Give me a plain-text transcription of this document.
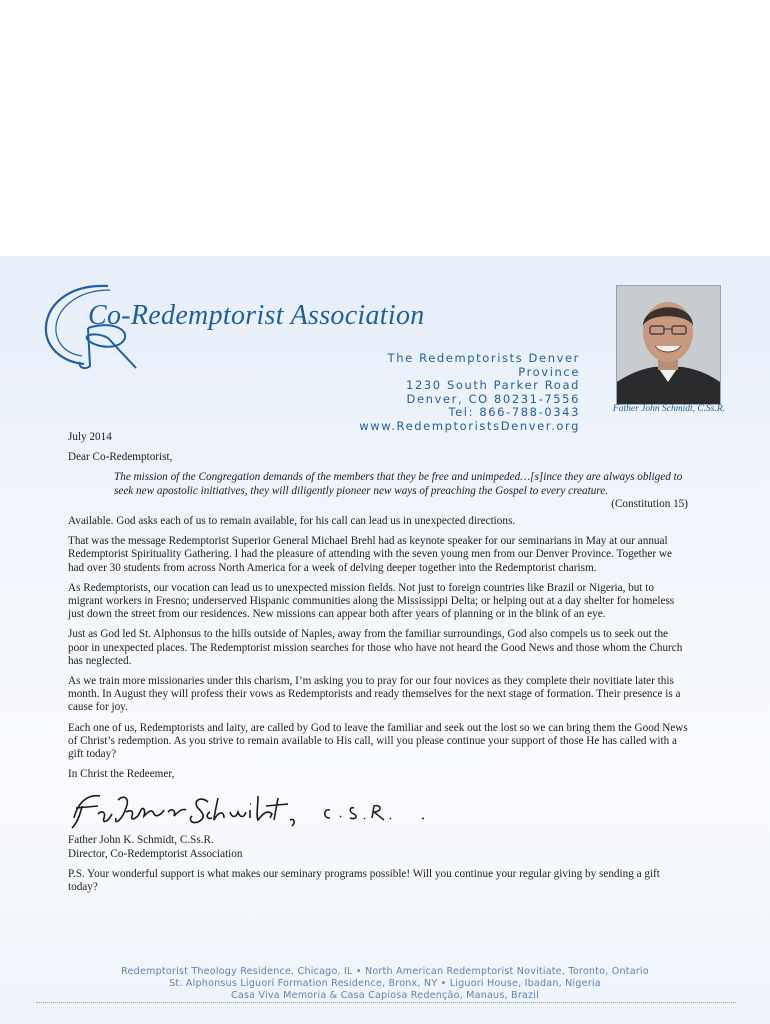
Co-Redemptorist Association
The Redemptorists Denver Province
1230 South Parker Road
Denver, CO 80231-7556
Tel: 866-788-0343
www.RedemptoristsDenver.org
Father John Schmidt, C.Ss.R.

July 2014

Dear Co-Redemptorist,

The mission of the Congregation demands of the members that they be free and unimpeded…[s]ince they are always obliged to seek new apostolic initiatives, they will diligently pioneer new ways of preaching the Gospel to every creature.

(Constitution 15)

Available. God asks each of us to remain available, for his call can lead us in unexpected directions.

That was the message Redemptorist Superior General Michael Brehl had as keynote speaker for our seminarians in May at our annual Redemptorist Spirituality Gathering. I had the pleasure of attending with the seven young men from our Denver Province. Together we had over 30 students from across North America for a week of delving deeper together into the Redemptorist charism.

As Redemptorists, our vocation can lead us to unexpected mission fields. Not just to foreign countries like Brazil or Nigeria, but to migrant workers in Fresno; underserved Hispanic communities along the Mississippi Delta; or helping out at a day shelter for homeless just down the street from our residences. New missions can appear both after years of planning or in the blink of an eye.

Just as God led St. Alphonsus to the hills outside of Naples, away from the familiar surroundings, God also compels us to seek out the poor in unexpected places. The Redemptorist mission searches for those who have not heard the Good News and those whom the Church has neglected.

As we train more missionaries under this charism, I’m asking you to pray for our four novices as they complete their novitiate later this month. In August they will profess their vows as Redemptorists and ready themselves for the next stage of formation. Their presence is a cause for joy.

Each one of us, Redemptorists and laity, are called by God to leave the familiar and seek out the lost so we can bring them the Good News of Christ’s redemption. As you strive to remain available to His call, will you please continue your support of those He has called with a gift today?

In Christ the Redeemer,

Father John K. Schmidt, C.Ss.R.

Director, Co-Redemptorist Association

P.S. Your wonderful support is what makes our seminary programs possible! Will you continue your regular giving by sending a gift today?

Redemptorist Theology Residence, Chicago, IL • North American Redemptorist Novitiate, Toronto, Ontario
St. Alphonsus Liguori Formation Residence, Bronx, NY • Liguori House, Ibadan, Nigeria
Casa Viva Memoria & Casa Capiosa Redenção, Manaus, Brazil
